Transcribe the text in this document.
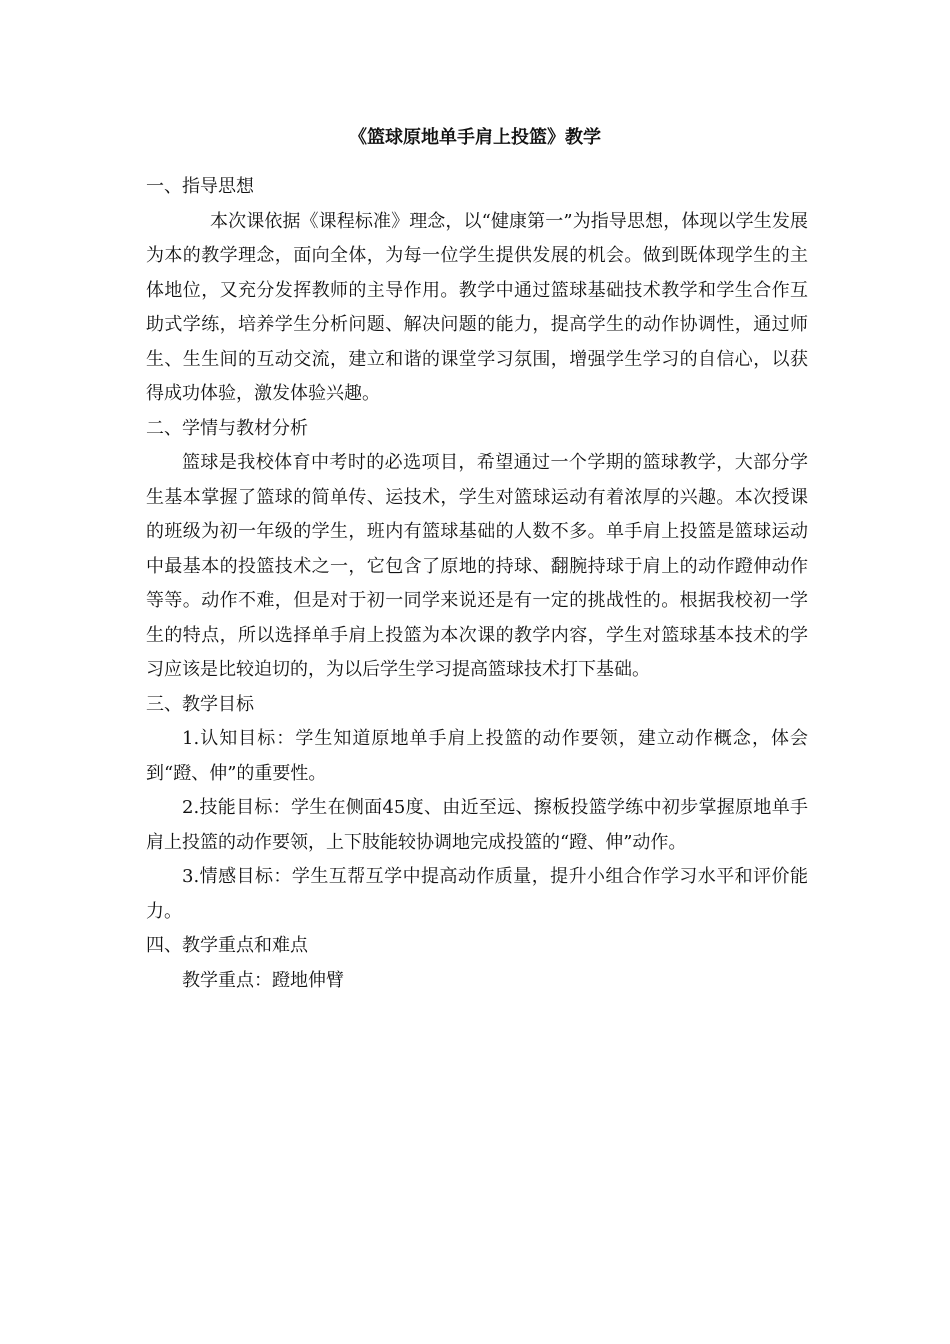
《篮球原地单手肩上投篮》教学

一、指导思想

本次课依据《课程标准》理念，以“健康第一”为指导思想，体现以学生发展为本的教学理念，面向全体，为每一位学生提供发展的机会。做到既体现学生的主体地位，又充分发挥教师的主导作用。教学中通过篮球基础技术教学和学生合作互助式学练，培养学生分析问题、解决问题的能力，提高学生的动作协调性，通过师生、生生间的互动交流，建立和谐的课堂学习氛围，增强学生学习的自信心，以获得成功体验，激发体验兴趣。

二、学情与教材分析

篮球是我校体育中考时的必选项目，希望通过一个学期的篮球教学，大部分学生基本掌握了篮球的简单传、运技术，学生对篮球运动有着浓厚的兴趣。本次授课的班级为初一年级的学生，班内有篮球基础的人数不多。单手肩上投篮是篮球运动中最基本的投篮技术之一，它包含了原地的持球、翻腕持球于肩上的动作蹬伸动作等等。动作不难，但是对于初一同学来说还是有一定的挑战性的。根据我校初一学生的特点，所以选择单手肩上投篮为本次课的教学内容，学生对篮球基本技术的学习应该是比较迫切的，为以后学生学习提高篮球技术打下基础。

三、教学目标

1.认知目标：学生知道原地单手肩上投篮的动作要领，建立动作概念，体会到“蹬、伸”的重要性。

2.技能目标：学生在侧面45度、由近至远、擦板投篮学练中初步掌握原地单手肩上投篮的动作要领，上下肢能较协调地完成投篮的“蹬、伸”动作。

3.情感目标：学生互帮互学中提高动作质量，提升小组合作学习水平和评价能力。

四、教学重点和难点

教学重点：蹬地伸臂
